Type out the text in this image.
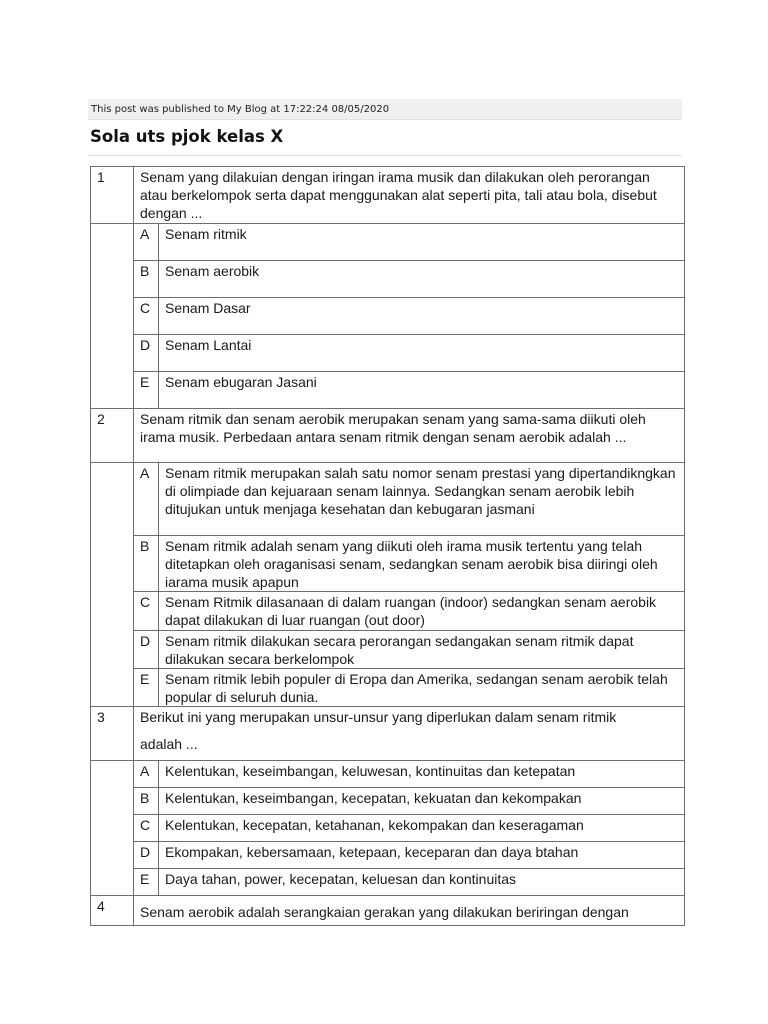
This post was published to My Blog at 17:22:24 08/05/2020
Sola uts pjok kelas X
1	Senam yang dilakuian dengan iringan irama musik dan dilakukan oleh perorangan atau berkelompok serta dapat menggunakan alat seperti pita, tali atau bola, disebut dengan ...	
	A	Senam ritmik
	B	Senam aerobik
	C	Senam Dasar
	D	Senam Lantai
	E	Senam ebugaran Jasani
2	Senam ritmik dan senam aerobik merupakan senam yang sama-sama diikuti oleh irama musik. Perbedaan antara senam ritmik dengan senam aerobik adalah ...	
	A	Senam ritmik merupakan salah satu nomor senam prestasi yang dipertandikngkan di olimpiade dan kejuaraan senam lainnya. Sedangkan senam aerobik lebih ditujukan untuk menjaga kesehatan dan kebugaran jasmani
	B	Senam ritmik adalah senam yang diikuti oleh irama musik tertentu yang telah ditetapkan oleh oraganisasi senam, sedangkan senam aerobik bisa diiringi oleh iarama musik apapun
	C	Senam Ritmik dilasanaan di dalam ruangan (indoor) sedangkan senam aerobik dapat dilakukan di luar ruangan (out door)
	D	Senam ritmik dilakukan secara perorangan sedangakan senam ritmik dapat dilakukan secara berkelompok
	E	Senam ritmik lebih populer di Eropa dan Amerika, sedangan senam aerobik telah popular di seluruh dunia.
3	Berikut ini yang merupakan unsur-unsur yang diperlukan dalam senam ritmik
adalah ...	

	A	Kelentukan, keseimbangan, keluwesan, kontinuitas dan ketepatan
	B	Kelentukan, keseimbangan, kecepatan, kekuatan dan kekompakan
	C	Kelentukan, kecepatan, ketahanan, kekompakan dan keseragaman
	D	Ekompakan, kebersamaan, ketepaan, keceparan dan daya btahan
	E	Daya tahan, power, kecepatan, keluesan dan kontinuitas
4	Senam aerobik adalah serangkaian gerakan yang dilakukan beriringan dengan	
